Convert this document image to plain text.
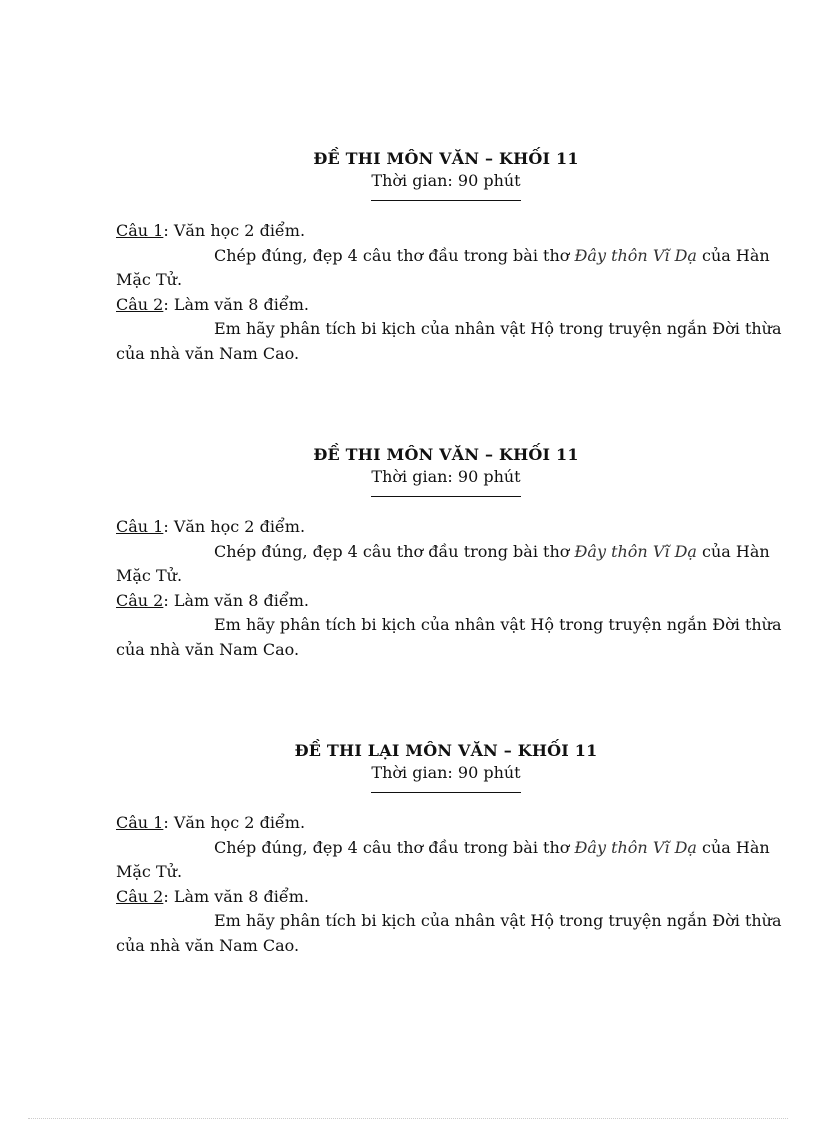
ĐỀ THI MÔN VĂN – KHỐI 11

Thời gian: 90 phút

Câu 1: Văn học 2 điểm.

Chép đúng, đẹp 4 câu thơ đầu trong bài thơ Đây thôn Vĩ Dạ của Hàn

Mặc Tử.

Câu 2: Làm văn 8 điểm.

Em hãy phân tích bi kịch của nhân vật Hộ trong truyện ngắn Đời thừa

của nhà văn Nam Cao.

ĐỀ THI MÔN VĂN – KHỐI 11

Thời gian: 90 phút

Câu 1: Văn học 2 điểm.

Chép đúng, đẹp 4 câu thơ đầu trong bài thơ Đây thôn Vĩ Dạ của Hàn

Mặc Tử.

Câu 2: Làm văn 8 điểm.

Em hãy phân tích bi kịch của nhân vật Hộ trong truyện ngắn Đời thừa

của nhà văn Nam Cao.

ĐỀ THI LẠI MÔN VĂN – KHỐI 11

Thời gian: 90 phút

Câu 1: Văn học 2 điểm.

Chép đúng, đẹp 4 câu thơ đầu trong bài thơ Đây thôn Vĩ Dạ của Hàn

Mặc Tử.

Câu 2: Làm văn 8 điểm.

Em hãy phân tích bi kịch của nhân vật Hộ trong truyện ngắn Đời thừa

của nhà văn Nam Cao.
